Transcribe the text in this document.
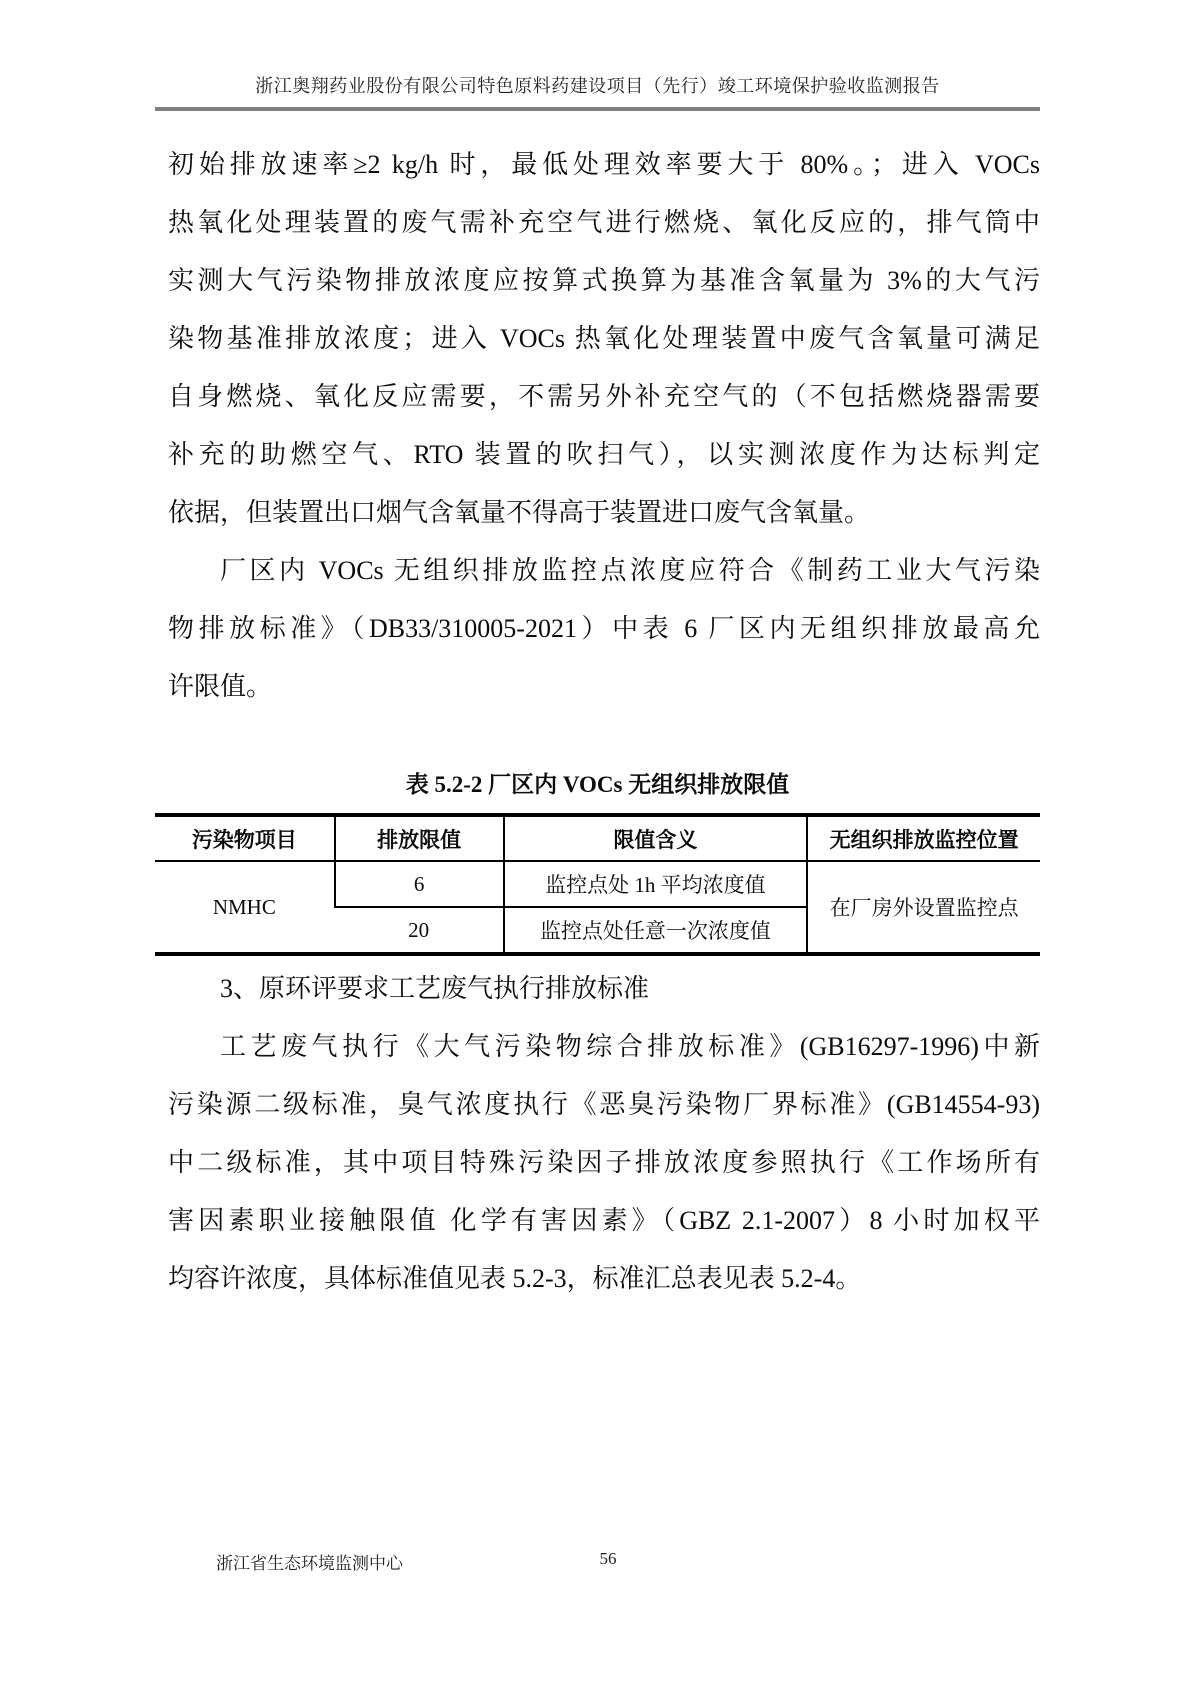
浙江奥翔药业股份有限公司特色原料药建设项目（先行）竣工环境保护验收监测报告
初始排放速率≥2 kg/h 时，最低处理效率要大于 80%。；进入 VOCs
热氧化处理装置的废气需补充空气进行燃烧、氧化反应的，排气筒中
实测大气污染物排放浓度应按算式换算为基准含氧量为 3%的大气污
染物基准排放浓度；进入 VOCs 热氧化处理装置中废气含氧量可满足
自身燃烧、氧化反应需要，不需另外补充空气的（不包括燃烧器需要
补充的助燃空气、RTO 装置的吹扫气），以实测浓度作为达标判定
依据，但装置出口烟气含氧量不得高于装置进口废气含氧量。
厂区内 VOCs 无组织排放监控点浓度应符合《制药工业大气污染
物排放标准》（DB33/310005-2021）中表 6 厂区内无组织排放最高允
许限值。
表 5.2-2 厂区内 VOCs 无组织排放限值
污染物项目	排放限值	限值含义	无组织排放监控位置
NMHC	6	监控点处 1h 平均浓度值	在厂房外设置监控点
	20	监控点处任意一次浓度值	
3、原环评要求工艺废气执行排放标准
工艺废气执行《大气污染物综合排放标准》(GB16297-1996)中新
污染源二级标准，臭气浓度执行《恶臭污染物厂界标准》(GB14554-93)
中二级标准，其中项目特殊污染因子排放浓度参照执行《工作场所有
害因素职业接触限值 化学有害因素》（GBZ 2.1-2007）8 小时加权平
均容许浓度，具体标准值见表 5.2-3，标准汇总表见表 5.2-4。
浙江省生态环境监测中心	56
